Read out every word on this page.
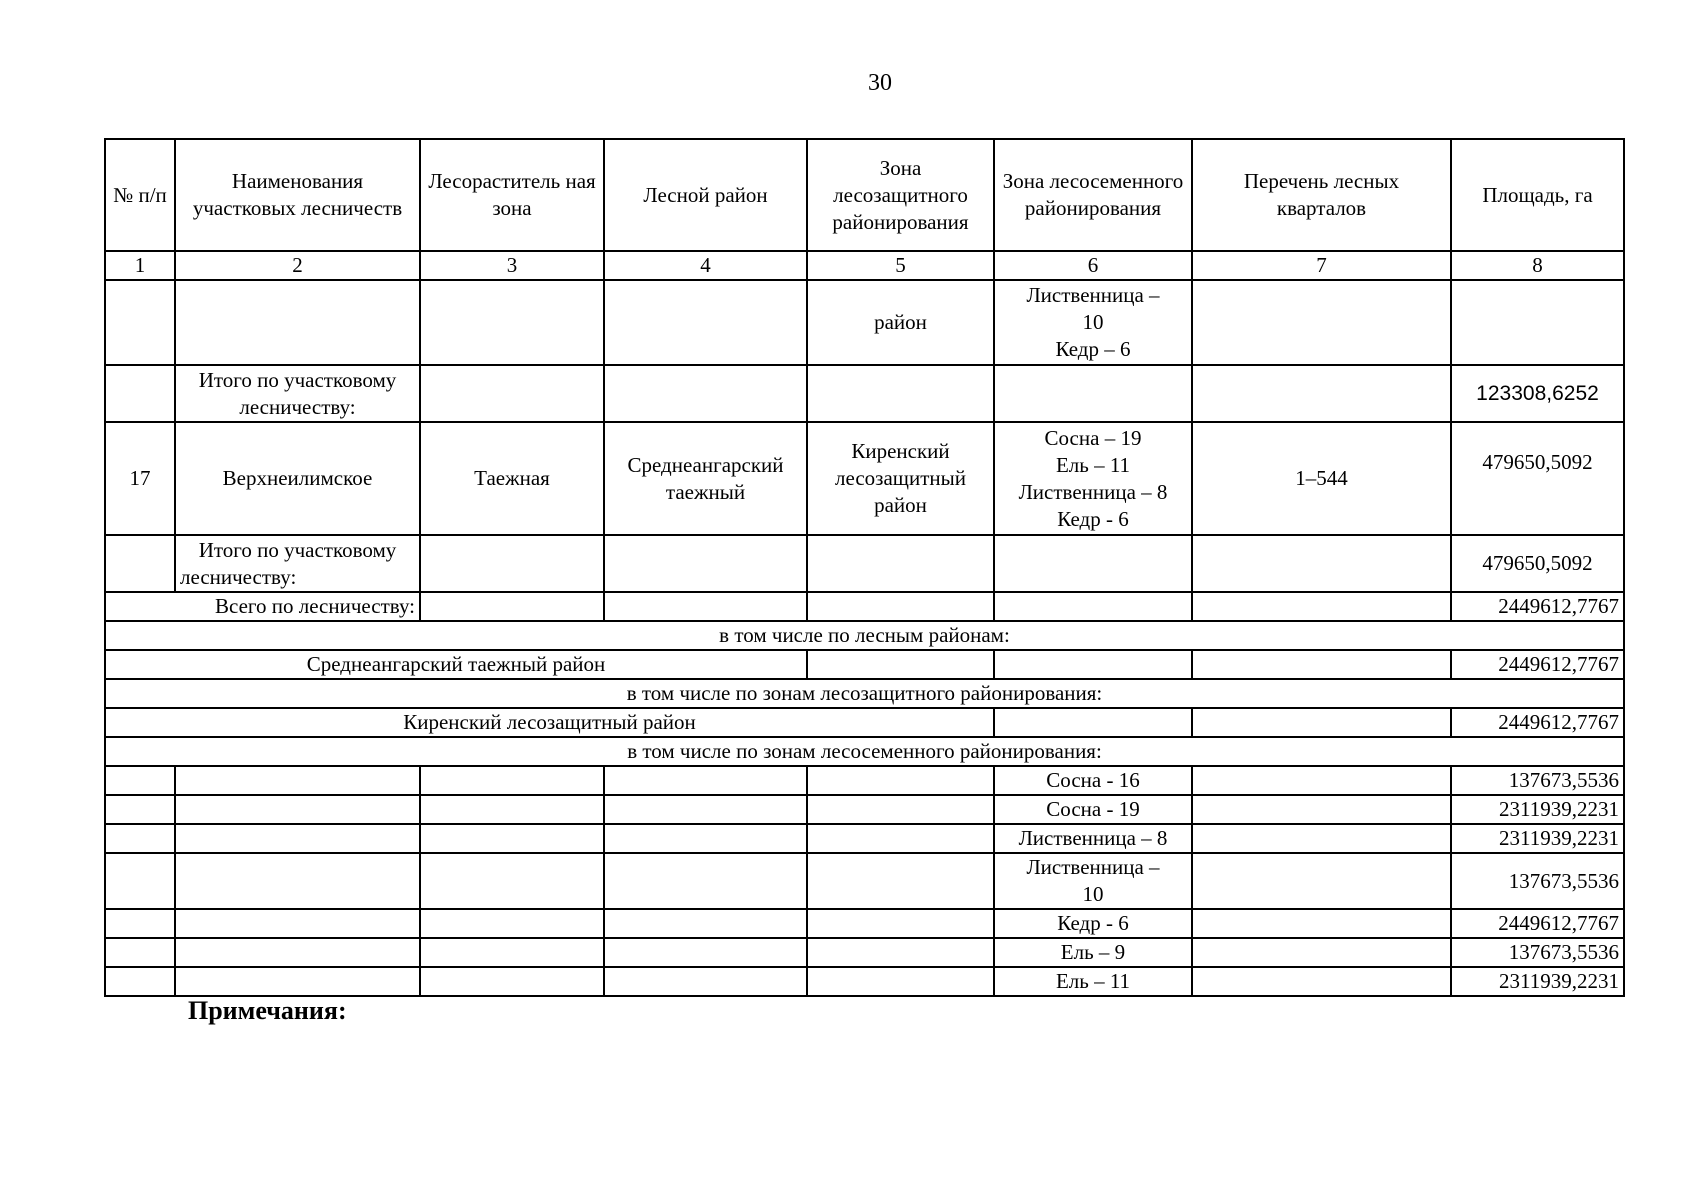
30
№ п/п	Наименования участковых лесничеств	Лесораститель ная зона	Лесной район	Зона лесозащитного районирования	Зона лесосеменного районирования	Перечень лесных кварталов	Площадь, га
1	2	3	4	5	6	7	8
				район	Лиственница –
10
Кедр – 6		

	Итого по участковому лесничеству:						123308,6252
17	Верхнеилимское	Таежная	Среднеангарский таежный	Киренский лесозащитный район	Сосна – 19
Ель – 11
Лиственница – 8
Кедр - 6	1–544	479650,5092
	Итого по участковому лесничеству:						479650,5092
Всего по лесничеству:							2449612,7767
в том числе по лесным районам:							
Среднеангарский таежный район							2449612,7767
в том числе по зонам лесозащитного районирования:							
Киренский лесозащитный район							2449612,7767
в том числе по зонам лесосеменного районирования:							
					Сосна - 16		137673,5536
					Сосна - 19		2311939,2231
					Лиственница – 8		2311939,2231
					Лиственница – 10		137673,5536
					Кедр - 6		2449612,7767
					Ель – 9		137673,5536
					Ель – 11		2311939,2231
Примечания:
